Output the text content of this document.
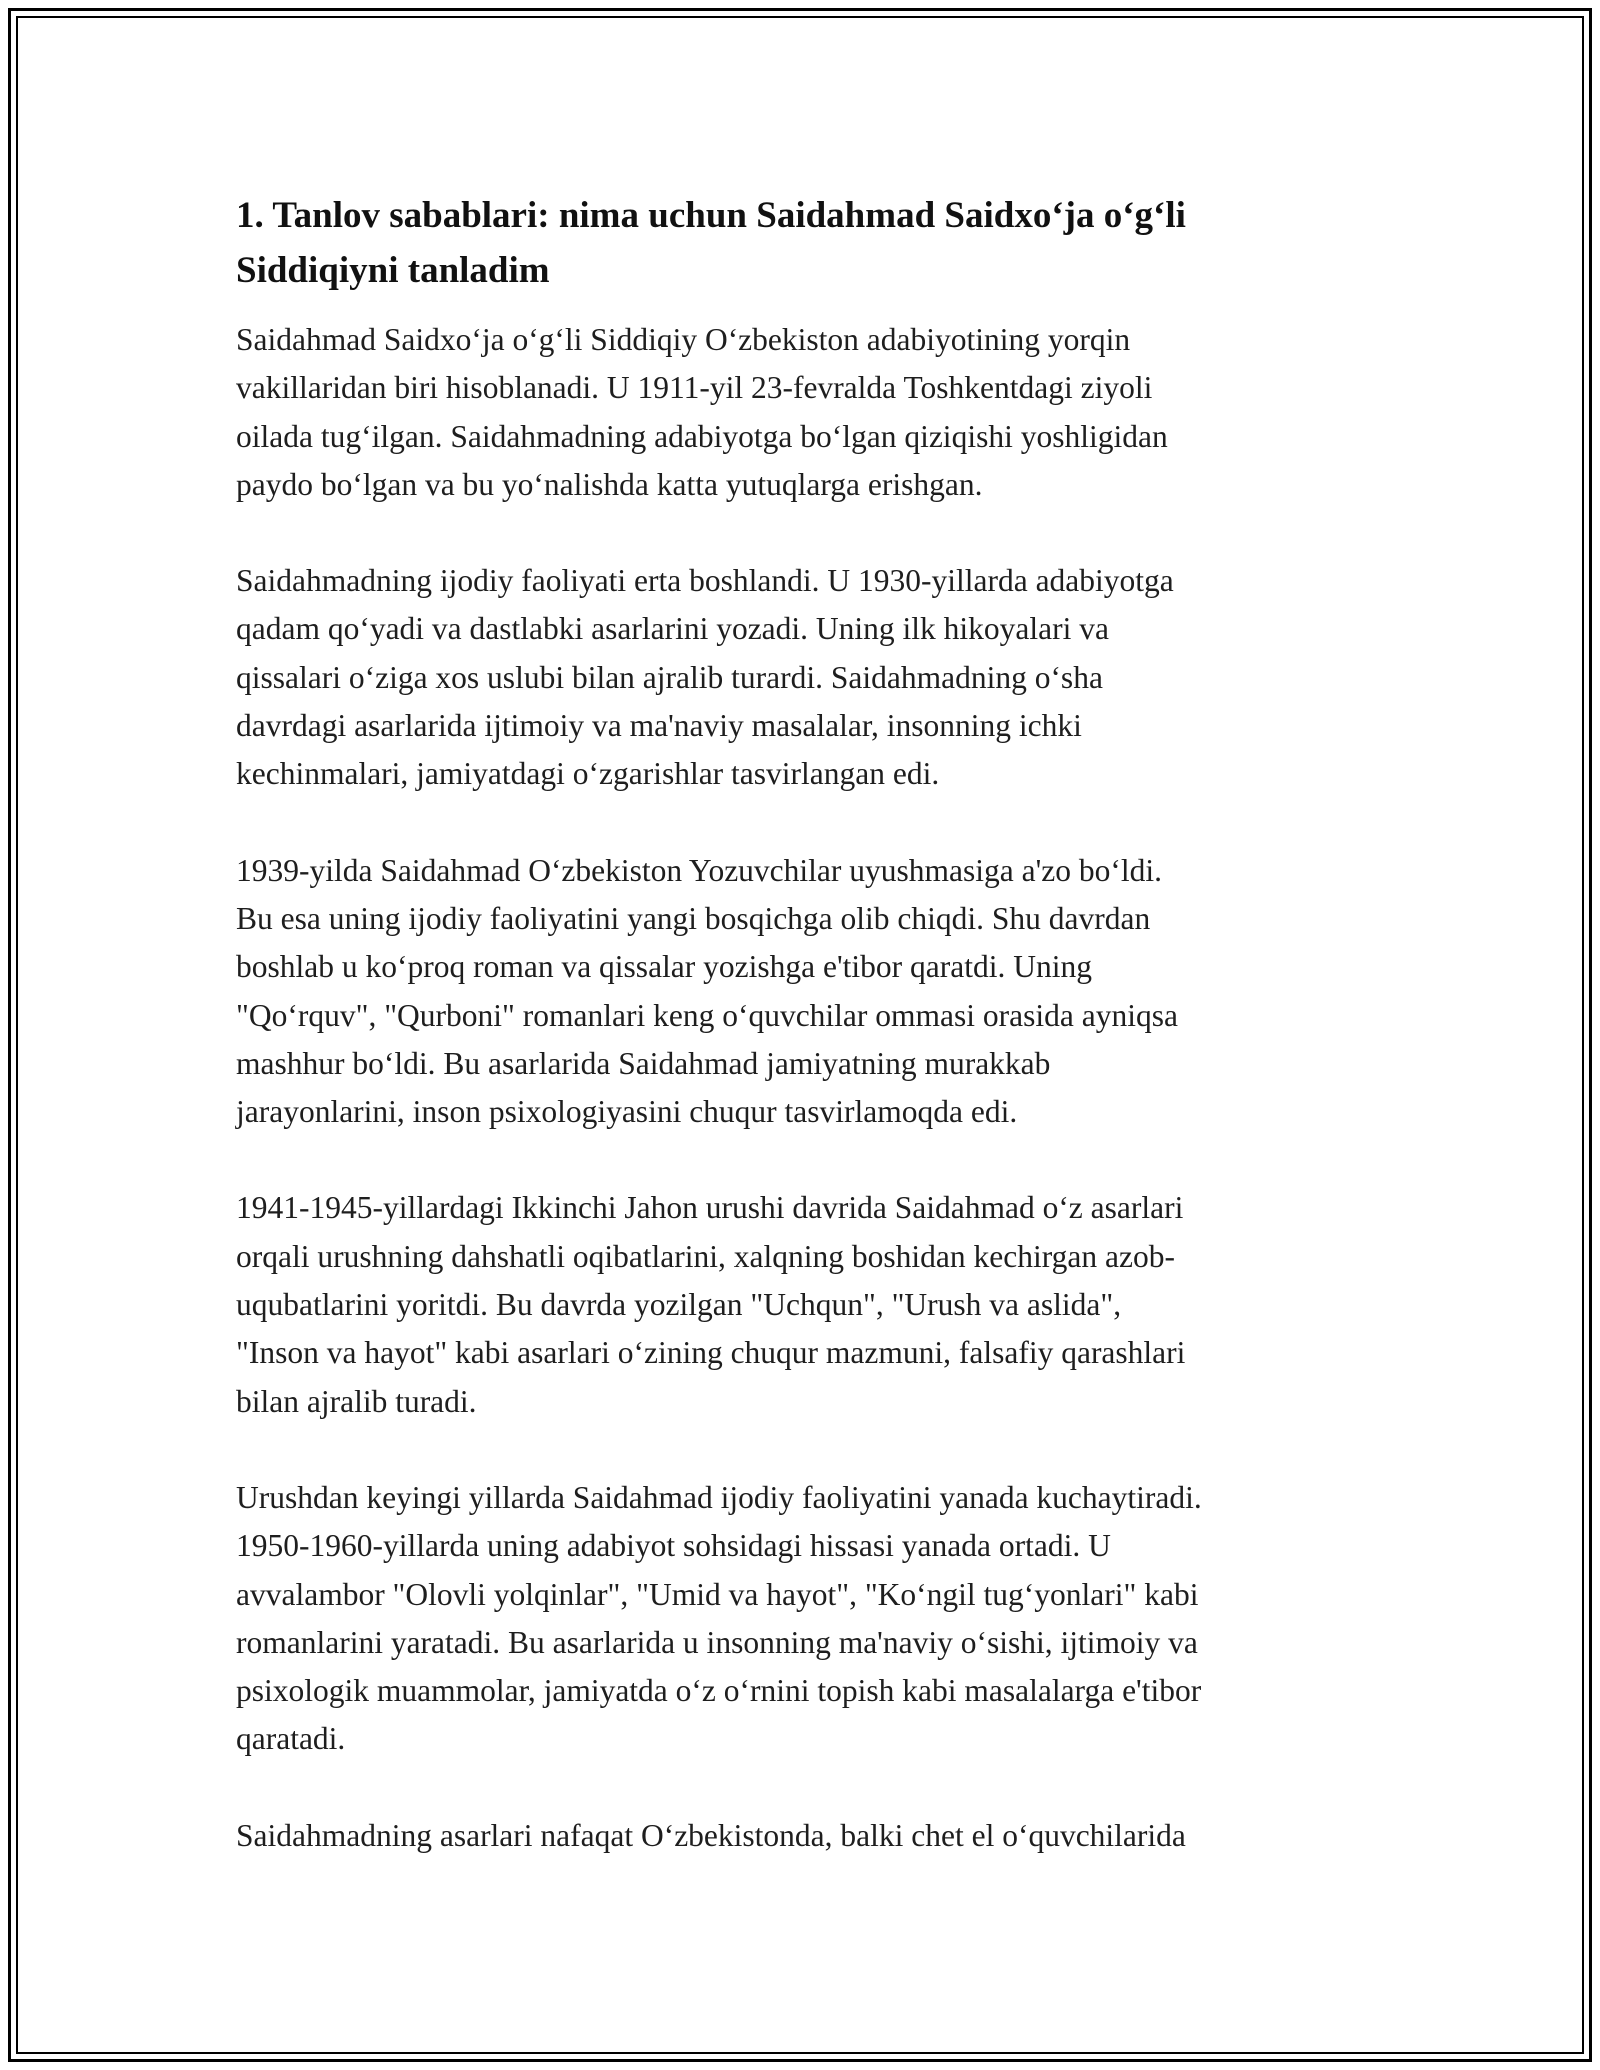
1. Tanlov sabablari: nima uchun Saidahmad Saidxoʻja oʻgʻli
Siddiqiyni tanladim

Saidahmad Saidxoʻja oʻgʻli Siddiqiy Oʻzbekiston adabiyotining yorqin
vakillaridan biri hisoblanadi. U 1911-yil 23-fevralda Toshkentdagi ziyoli
oilada tugʻilgan. Saidahmadning adabiyotga boʻlgan qiziqishi yoshligidan
paydo boʻlgan va bu yoʻnalishda katta yutuqlarga erishgan.

Saidahmadning ijodiy faoliyati erta boshlandi. U 1930-yillarda adabiyotga
qadam qoʻyadi va dastlabki asarlarini yozadi. Uning ilk hikoyalari va
qissalari oʻziga xos uslubi bilan ajralib turardi. Saidahmadning oʻsha
davrdagi asarlarida ijtimoiy va ma'naviy masalalar, insonning ichki
kechinmalari, jamiyatdagi oʻzgarishlar tasvirlangan edi.

1939-yilda Saidahmad Oʻzbekiston Yozuvchilar uyushmasiga a'zo boʻldi.
Bu esa uning ijodiy faoliyatini yangi bosqichga olib chiqdi. Shu davrdan
boshlab u koʻproq roman va qissalar yozishga e'tibor qaratdi. Uning
"Qoʻrquv", "Qurboni" romanlari keng oʻquvchilar ommasi orasida ayniqsa
mashhur boʻldi. Bu asarlarida Saidahmad jamiyatning murakkab
jarayonlarini, inson psixologiyasini chuqur tasvirlamoqda edi.

1941-1945-yillardagi Ikkinchi Jahon urushi davrida Saidahmad oʻz asarlari
orqali urushning dahshatli oqibatlarini, xalqning boshidan kechirgan azob-
uqubatlarini yoritdi. Bu davrda yozilgan "Uchqun", "Urush va aslida",
"Inson va hayot" kabi asarlari oʻzining chuqur mazmuni, falsafiy qarashlari
bilan ajralib turadi.

Urushdan keyingi yillarda Saidahmad ijodiy faoliyatini yanada kuchaytiradi.
1950-1960-yillarda uning adabiyot sohsidagi hissasi yanada ortadi. U
avvalambor "Olovli yolqinlar", "Umid va hayot", "Koʻngil tugʻyonlari" kabi
romanlarini yaratadi. Bu asarlarida u insonning ma'naviy oʻsishi, ijtimoiy va
psixologik muammolar, jamiyatda oʻz oʻrnini topish kabi masalalarga e'tibor
qaratadi.

Saidahmadning asarlari nafaqat Oʻzbekistonda, balki chet el oʻquvchilarida
